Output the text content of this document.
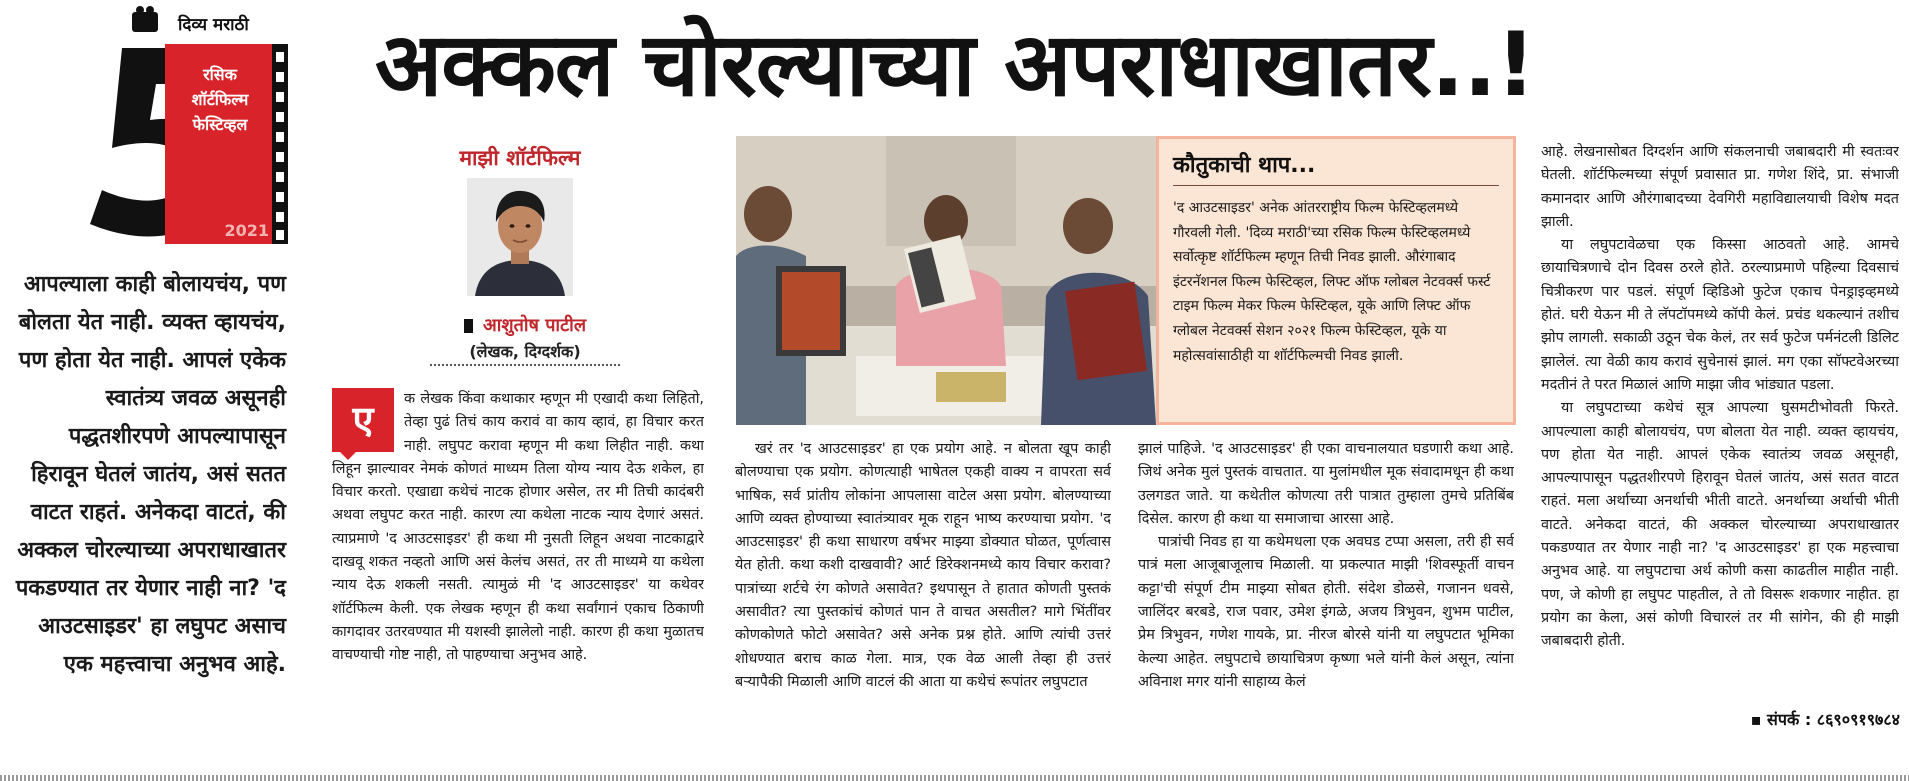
दिव्य मराठी
रसिक
शॉर्टफिल्म
फेस्टिव्हल
2021
अक्कल चोरल्याच्या अपराधाखातर..!
आपल्याला काही बोलायचंय, पण बोलता येत नाही. व्यक्त व्हायचंय, पण होता येत नाही. आपलं एकेक स्वातंत्र्य जवळ असूनही पद्धतशीरपणे आपल्यापासून हिरावून घेतलं जातंय, असं सतत वाटत राहतं. अनेकदा वाटतं, की अक्कल चोरल्याच्या अपराधाखातर पकडण्यात तर येणार नाही ना? 'द आउटसाइडर' हा लघुपट असाच एक महत्त्वाचा अनुभव आहे.
माझी शॉर्टफिल्म
आशुतोष पाटील
(लेखक, दिग्दर्शक)
ए	क लेखक किंवा कथाकार म्हणून मी एखादी कथा लिहितो, तेव्हा पुढं तिचं काय करावं वा काय व्हावं, हा विचार करत नाही. लघुपट करावा म्हणून मी कथा लिहीत नाही. कथा लिहून झाल्यावर नेमकं कोणतं माध्यम तिला योग्य न्याय देऊ शकेल, हा विचार करतो. एखाद्या कथेचं नाटक होणार असेल, तर मी तिची कादंबरी अथवा लघुपट करत नाही. कारण त्या कथेला नाटक न्याय देणारं असतं. त्याप्रमाणे 'द आउटसाइडर' ही कथा मी नुसती लिहून अथवा नाटकाद्वारे दाखवू शकत नव्हतो आणि असं केलंच असतं, तर ती माध्यमे या कथेला न्याय देऊ शकली नसती. त्यामुळं मी 'द आउटसाइडर' या कथेवर शॉर्टफिल्म केली. एक लेखक म्हणून ही कथा सर्वांगानं एकाच ठिकाणी कागदावर उतरवण्यात मी यशस्वी झालेलो नाही. कारण ही कथा मुळातच वाचण्याची गोष्ट नाही, तो पाहण्याचा अनुभव आहे.

कौतुकाची थाप...
'द आउटसाइडर' अनेक आंतरराष्ट्रीय फिल्म फेस्टिव्हलमध्ये गौरवली गेली. 'दिव्य मराठी'च्या रसिक फिल्म फेस्टिव्हलमध्ये सर्वोत्कृष्ट शॉर्टफिल्म म्हणून तिची निवड झाली. औरंगाबाद इंटरनॅशनल फिल्म फेस्टिव्हल, लिफ्ट ऑफ ग्लोबल नेटवर्क्स फर्स्ट टाइम फिल्म मेकर फिल्म फेस्टिव्हल, यूके आणि लिफ्ट ऑफ ग्लोबल नेटवर्क्स सेशन २०२१ फिल्म फेस्टिव्हल, यूके या महोत्सवांसाठीही या शॉर्टफिल्मची निवड झाली.

खरं तर 'द आउटसाइडर' हा एक प्रयोग आहे. न बोलता खूप काही बोलण्याचा एक प्रयोग. कोणत्याही भाषेतल एकही वाक्य न वापरता सर्व भाषिक, सर्व प्रांतीय लोकांना आपलासा वाटेल असा प्रयोग. बोलण्याच्या आणि व्यक्त होण्याच्या स्वातंत्र्यावर मूक राहून भाष्य करण्याचा प्रयोग. 'द आउटसाइडर' ही कथा साधारण वर्षभर माझ्या डोक्यात घोळत, पूर्णत्वास येत होती. कथा कशी दाखवावी? आर्ट डिरेक्शनमध्ये काय विचार करावा? पात्रांच्या शर्टचे रंग कोणते असावेत? इथपासून ते हातात कोणती पुस्तकं असावीत? त्या पुस्तकांचं कोणतं पान ते वाचत असतील? मागे भिंतींवर कोणकोणते फोटो असावेत? असे अनेक प्रश्न होते. आणि त्यांची उत्तरं शोधण्यात बराच काळ गेला. मात्र, एक वेळ आली तेव्हा ही उत्तरं बऱ्यापैकी मिळाली आणि वाटलं की आता या कथेचं रूपांतर लघुपटात

झालं पाहिजे. 'द आउटसाइडर' ही एका वाचनालयात घडणारी कथा आहे. जिथं अनेक मुलं पुस्तकं वाचतात. या मुलांमधील मूक संवादामधून ही कथा उलगडत जाते. या कथेतील कोणत्या तरी पात्रात तुम्हाला तुमचे प्रतिबिंब दिसेल. कारण ही कथा या समाजाचा आरसा आहे.

पात्रांची निवड हा या कथेमधला एक अवघड टप्पा असला, तरी ही सर्व पात्रं मला आजूबाजूलाच मिळाली. या प्रकल्पात माझी 'शिवस्फूर्ती वाचन कट्टा'ची संपूर्ण टीम माझ्या सोबत होती. संदेश डोळसे, गजानन धवसे, जालिंदर बरबडे, राज पवार, उमेश इंगळे, अजय त्रिभुवन, शुभम पाटील, प्रेम त्रिभुवन, गणेश गायके, प्रा. नीरज बोरसे यांनी या लघुपटात भूमिका केल्या आहेत. लघुपटाचे छायाचित्रण कृष्णा भले यांनी केलं असून, त्यांना अविनाश मगर यांनी साहाय्य केलं

आहे. लेखनासोबत दिग्दर्शन आणि संकलनाची जबाबदारी मी स्वतःवर घेतली. शॉर्टफिल्मच्या संपूर्ण प्रवासात प्रा. गणेश शिंदे, प्रा. संभाजी कमानदार आणि औरंगाबादच्या देवगिरी महाविद्यालयाची विशेष मदत झाली.

या लघुपटावेळचा एक किस्सा आठवतो आहे. आमचे छायाचित्रणाचे दोन दिवस ठरले होते. ठरल्याप्रमाणे पहिल्या दिवसाचं चित्रीकरण पार पडलं. संपूर्ण व्हिडिओ फुटेज एकाच पेनड्राइव्हमध्ये होतं. घरी येऊन मी ते लॅपटॉपमध्ये कॉपी केलं. प्रचंड थकल्यानं तशीच झोप लागली. सकाळी उठून चेक केलं, तर सर्व फुटेज पर्मनंटली डिलिट झालेलं. त्या वेळी काय करावं सुचेनासं झालं. मग एका सॉफ्टवेअरच्या मदतीनं ते परत मिळालं आणि माझा जीव भांड्यात पडला.

या लघुपटाच्या कथेचं सूत्र आपल्या घुसमटीभोवती फिरते. आपल्याला काही बोलायचंय, पण बोलता येत नाही. व्यक्त व्हायचंय, पण होता येत नाही. आपलं एकेक स्वातंत्र्य जवळ असूनही, आपल्यापासून पद्धतशीरपणे हिरावून घेतलं जातंय, असं सतत वाटत राहतं. मला अर्थाच्या अनर्थाची भीती वाटते. अनर्थाच्या अर्थाची भीती वाटते. अनेकदा वाटतं, की अक्कल चोरल्याच्या अपराधाखातर पकडण्यात तर येणार नाही ना? 'द आउटसाइडर' हा एक महत्त्वाचा अनुभव आहे. या लघुपटाचा अर्थ कोणी कसा काढतील माहीत नाही. पण, जे कोणी हा लघुपट पाहतील, ते तो विसरू शकणार नाहीत. हा प्रयोग का केला, असं कोणी विचारलं तर मी सांगेन, की ही माझी जबाबदारी होती.

▪ संपर्क : ८६९०९१९७८४
